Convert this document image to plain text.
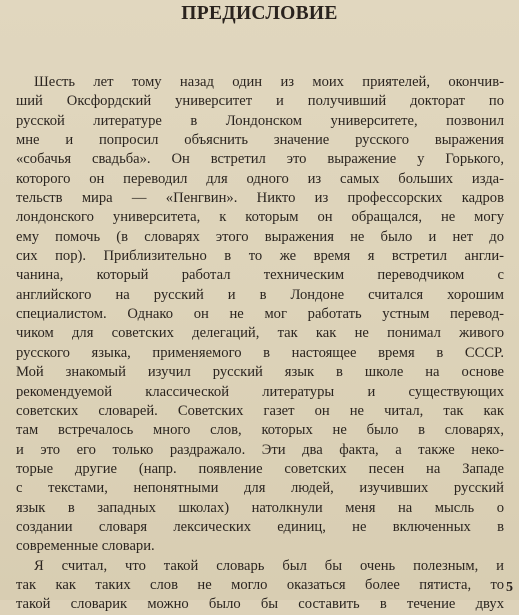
ПРЕДИСЛОВИЕ
Шесть лет тому назад один из моих приятелей, окончив-
ший Оксфордский университет и получивший докторат по
русской литературе в Лондонском университете, позвонил
мне и попросил объяснить значение русского выражения
«собачья свадьба». Он встретил это выражение у Горького,
которого он переводил для одного из самых больших изда-
тельств мира — «Пенгвин». Никто из профессорских кадров
лондонского университета, к которым он обращался, не могу
ему помочь (в словарях этого выражения не было и нет до
сих пор). Приблизительно в то же время я встретил англи-
чанина, который работал техническим переводчиком с
английского на русский и в Лондоне считался хорошим
специалистом. Однако он не мог работать устным перевод-
чиком для советских делегаций, так как не понимал живого
русского языка, применяемого в настоящее время в СССР.
Мой знакомый изучил русский язык в школе на основе
рекомендуемой классической литературы и существующих
советских словарей. Советских газет он не читал, так как
там встречалось много слов, которых не было в словарях,
и это его только раздражало. Эти два факта, а также неко-
торые другие (напр. появление советских песен на Западе
с текстами, непонятными для людей, изучивших русский
язык в западных школах) натолкнули меня на мысль о
создании словаря лексических единиц, не включенных в
современные словари.
Я считал, что такой словарь был бы очень полезным, и
так как таких слов не могло оказаться более пятиста, то
такой словарик можно было бы составить в течение двух
5
